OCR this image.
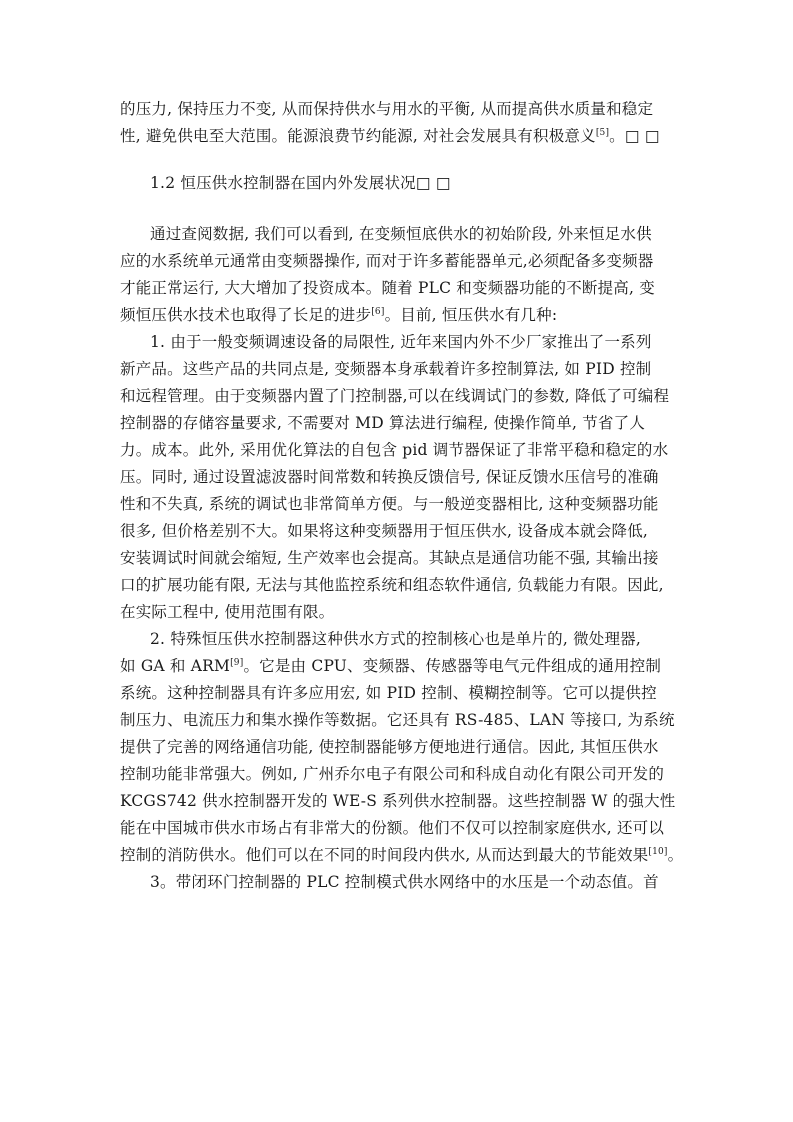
的压力, 保持压力不变, 从而保持供水与用水的平衡, 从而提高供水质量和稳定
性, 避免供电至大范围。能源浪费节约能源, 对社会发展具有积极意义[5]。□ □
1.2 恒压供水控制器在国内外发展状况□ □
通过查阅数据, 我们可以看到, 在变频恒底供水的初始阶段, 外来恒足水供
应的水系统单元通常由变频器操作, 而对于许多蓄能器单元,必须配备多变频器
才能正常运行, 大大增加了投资成本。随着 PLC 和变频器功能的不断提高, 变
频恒压供水技术也取得了长足的进步[6]。目前, 恒压供水有几种:
1. 由于一般变频调速设备的局限性, 近年来国内外不少厂家推出了一系列
新产品。这些产品的共同点是, 变频器本身承载着许多控制算法, 如 PID 控制
和远程管理。由于变频器内置了门控制器,可以在线调试门的参数, 降低了可编程
控制器的存储容量要求, 不需要对 MD 算法进行编程, 使操作简单, 节省了人
力。成本。此外, 采用优化算法的自包含 pid 调节器保证了非常平稳和稳定的水
压。同时, 通过设置滤波器时间常数和转换反馈信号, 保证反馈水压信号的准确
性和不失真, 系统的调试也非常简单方便。与一般逆变器相比, 这种变频器功能
很多, 但价格差别不大。如果将这种变频器用于恒压供水, 设备成本就会降低,
安装调试时间就会缩短, 生产效率也会提高。其缺点是通信功能不强, 其输出接
口的扩展功能有限, 无法与其他监控系统和组态软件通信, 负载能力有限。因此,
在实际工程中, 使用范围有限。
2. 特殊恒压供水控制器这种供水方式的控制核心也是单片的, 微处理器,
如 GA 和 ARM[9]。它是由 CPU、变频器、传感器等电气元件组成的通用控制
系统。这种控制器具有许多应用宏, 如 PID 控制、模糊控制等。它可以提供控
制压力、电流压力和集水操作等数据。它还具有 RS-485、LAN 等接口, 为系统
提供了完善的网络通信功能, 使控制器能够方便地进行通信。因此, 其恒压供水
控制功能非常强大。例如, 广州乔尔电子有限公司和科成自动化有限公司开发的
KCGS742 供水控制器开发的 WE-S 系列供水控制器。这些控制器 W 的强大性
能在中国城市供水市场占有非常大的份额。他们不仅可以控制家庭供水, 还可以
控制的消防供水。他们可以在不同的时间段内供水, 从而达到最大的节能效果[10]。
3。带闭环门控制器的 PLC 控制模式供水网络中的水压是一个动态值。首
